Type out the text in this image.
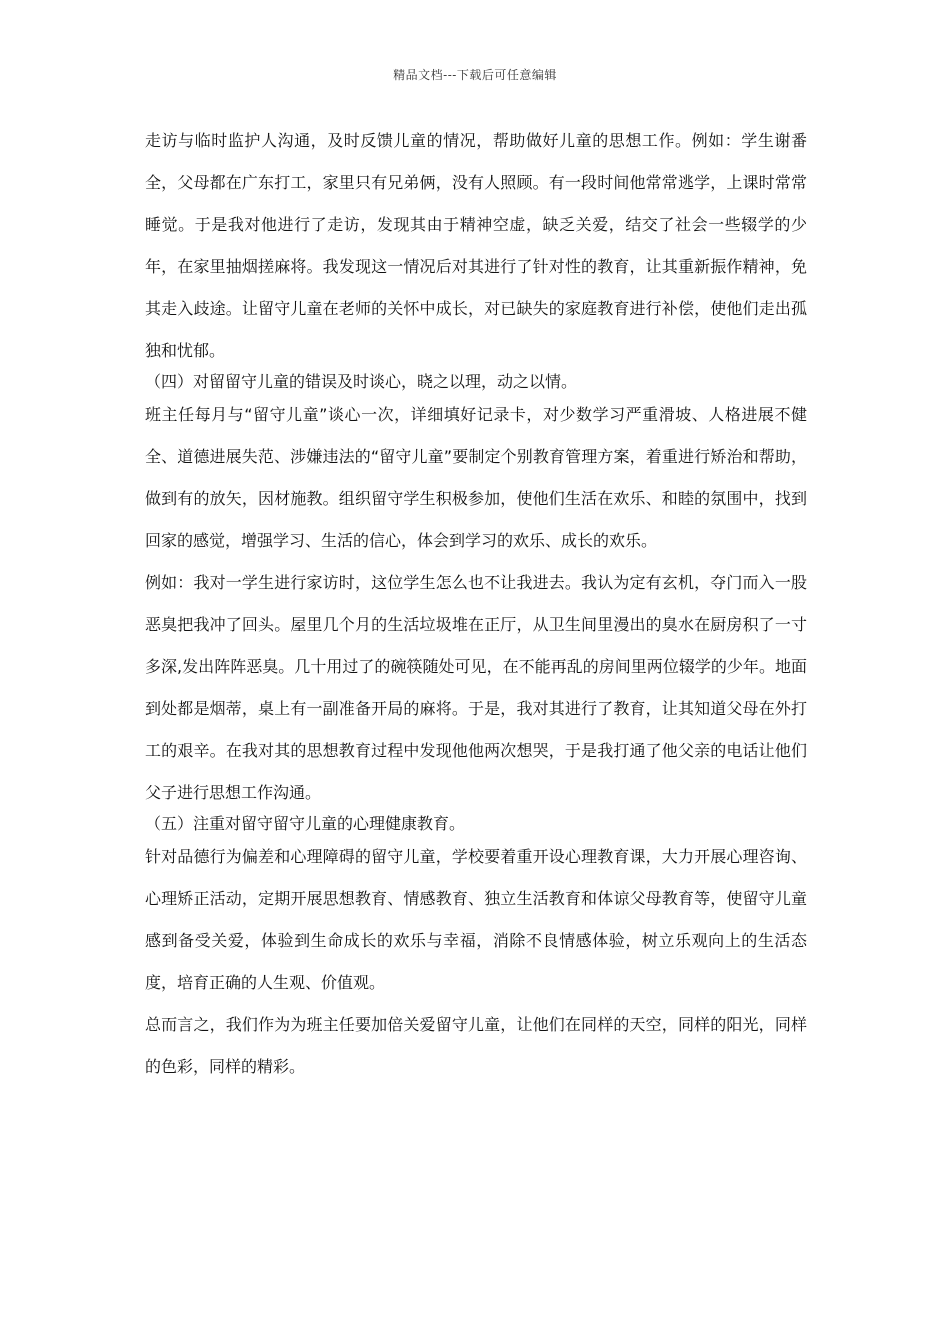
精品文档---下载后可任意编辑

走访与临时监护人沟通，及时反馈儿童的情况，帮助做好儿童的思想工作。例如：学生谢番全，父母都在广东打工，家里只有兄弟俩，没有人照顾。有一段时间他常常逃学，上课时常常睡觉。于是我对他进行了走访，发现其由于精神空虚，缺乏关爱，结交了社会一些辍学的少年，在家里抽烟搓麻将。我发现这一情况后对其进行了针对性的教育，让其重新振作精神，免其走入歧途。让留守儿童在老师的关怀中成长，对已缺失的家庭教育进行补偿，使他们走出孤独和忧郁。

（四）对留留守儿童的错误及时谈心，晓之以理，动之以情。

班主任每月与“留守儿童”谈心一次，详细填好记录卡，对少数学习严重滑坡、人格进展不健全、道德进展失范、涉嫌违法的“留守儿童”要制定个别教育管理方案，着重进行矫治和帮助，做到有的放矢，因材施教。组织留守学生积极参加，使他们生活在欢乐、和睦的氛围中，找到回家的感觉，增强学习、生活的信心，体会到学习的欢乐、成长的欢乐。

例如：我对一学生进行家访时，这位学生怎么也不让我进去。我认为定有玄机，夺门而入一股恶臭把我冲了回头。屋里几个月的生活垃圾堆在正厅，从卫生间里漫出的臭水在厨房积了一寸多深,发出阵阵恶臭。几十用过了的碗筷随处可见，在不能再乱的房间里两位辍学的少年。地面到处都是烟蒂，桌上有一副准备开局的麻将。于是，我对其进行了教育，让其知道父母在外打工的艰辛。在我对其的思想教育过程中发现他他两次想哭，于是我打通了他父亲的电话让他们父子进行思想工作沟通。

（五）注重对留守留守儿童的心理健康教育。

针对品德行为偏差和心理障碍的留守儿童，学校要着重开设心理教育课，大力开展心理咨询、心理矫正活动，定期开展思想教育、情感教育、独立生活教育和体谅父母教育等，使留守儿童感到备受关爱，体验到生命成长的欢乐与幸福，消除不良情感体验，树立乐观向上的生活态度，培育正确的人生观、价值观。

总而言之，我们作为为班主任要加倍关爱留守儿童，让他们在同样的天空，同样的阳光，同样的色彩，同样的精彩。
